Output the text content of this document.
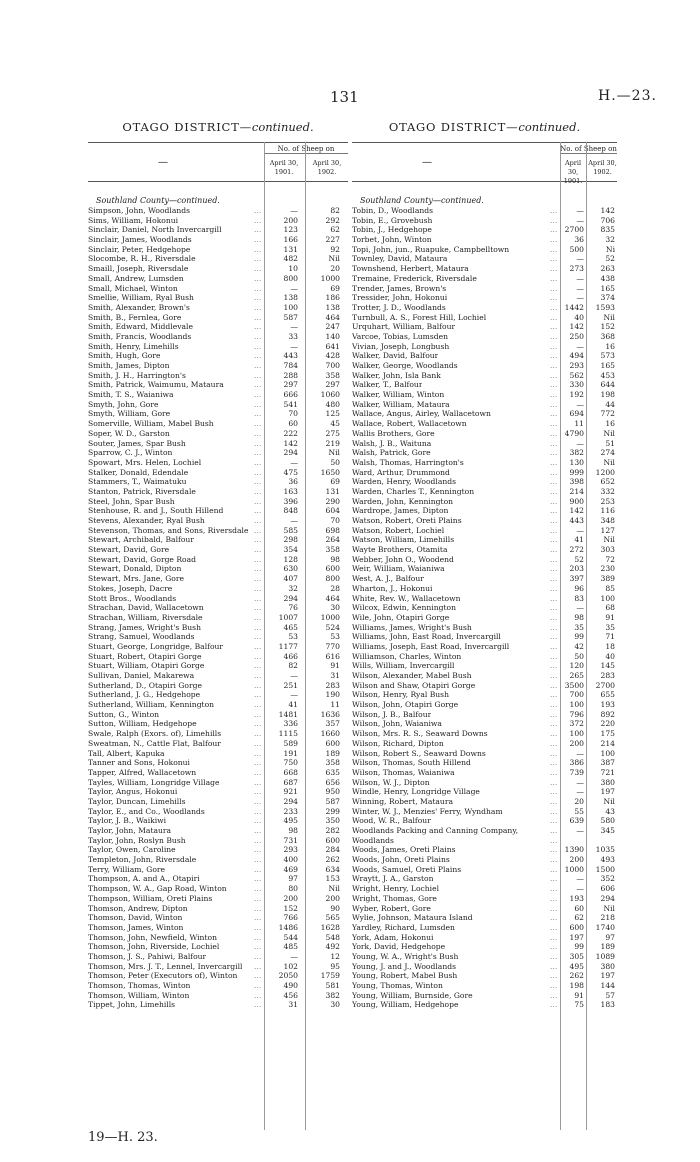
131	H.—23.
OTAGO DISTRICT—continued.
—
No. of Sheep on
April 30, 1901.
April 30, 1902.
Southland County—continued.
Simpson, John, Woodlands	...	—	82
Sims, William, Hokonui	...	200	292
Sinclair, Daniel, North Invercargill	...	123	62
Sinclair, James, Woodlands	...	166	227
Sinclair, Peter, Hedgehope	...	131	92
Slocombe, R. H., Riversdale	...	482	Nil
Smaill, Joseph, Riversdale	...	10	20
Small, Andrew, Lumsden	...	800	1000
Small, Michael, Winton	...	—	69
Smellie, William, Ryal Bush	...	138	186
Smith, Alexander, Brown's	...	100	138
Smith, B., Fernlea, Gore	...	587	464
Smith, Edward, Middlevale	...	—	247
Smith, Francis, Woodlands	...	33	140
Smith, Henry, Limehills	...	—	641
Smith, Hugh, Gore	...	443	428
Smith, James, Dipton	...	784	700
Smith, J. H., Harrington's	...	288	358
Smith, Patrick, Waimumu, Mataura	...	297	297
Smith, T. S., Waianiwa	...	666	1060
Smyth, John, Gore	...	541	480
Smyth, William, Gore	...	70	125
Somerville, William, Mabel Bush	...	60	45
Soper, W. D., Garston	...	222	275
Souter, James, Spar Bush	...	142	219
Sparrow, C. J., Winton	...	294	Nil
Spowart, Mrs. Helen, Lochiel	...	—	50
Stalker, Donald, Edendale	...	475	1650
Stammers, T., Waimatuku	...	36	69
Stanton, Patrick, Riversdale	...	163	131
Steel, John, Spar Bush	...	396	290
Stenhouse, R. and J., South Hillend	...	848	604
Stevens, Alexander, Ryal Bush	...	—	70
Stevenson, Thomas, and Sons, Riversdale ...	585	698
Stewart, Archibald, Balfour	...	298	264
Stewart, David, Gore	...	354	358
Stewart, David, Gorge Road	...	128	98
Stewart, Donald, Dipton	...	630	600
Stewart, Mrs. Jane, Gore	...	407	800
Stokes, Joseph, Dacre	...	32	28
Stott Bros., Woodlands	...	294	464
Strachan, David, Wallacetown	...	76	30
Strachan, William, Riversdale	...	1007	1000
Strang, James, Wright's Bush	...	465	524
Strang, Samuel, Woodlands	...	53	53
Stuart, George, Longridge, Balfour	...	1177	770
Stuart, Robert, Otapiri Gorge	...	466	616
Stuart, William, Otapiri Gorge	...	82	91
Sullivan, Daniel, Makarewa	...	—	31
Sutherland, D., Otapiri Gorge	...	251	283
Sutherland, J. G., Hedgehope	...	—	190
Sutherland, William, Kennington	...	41	11
Sutton, G., Winton	...	1481	1636
Sutton, William, Hedgehope	...	336	357
Swale, Ralph (Exors. of), Limehills	...	1115	1660
Sweatman, N., Cattle Flat, Balfour	...	589	600
Tall, Albert, Kapuka	...	191	189
Tanner and Sons, Hokonui	...	750	358
Tapper, Alfred, Wallacetown	...	668	635
Tayles, William, Longridge Village	...	687	656
Taylor, Angus, Hokonui	...	921	950
Taylor, Duncan, Limehills	...	294	587
Taylor, E., and Co., Woodlands	...	233	299
Taylor, J. B., Waikiwi	...	495	350
Taylor, John, Mataura	...	98	282
Taylor, John, Roslyn Bush	...	731	600
Taylor, Owen, Caroline	...	293	284
Templeton, John, Riversdale	...	400	262
Terry, William, Gore	...	469	634
Thompson, A. and A., Otapiri	...	97	153
Thompson, W. A., Gap Road, Winton	...	80	Nil
Thompson, William, Oreti Plains	...	200	200
Thomson, Andrew, Dipton	...	152	90
Thomson, David, Winton	...	766	565
Thomson, James, Winton	...	1486	1628
Thomson, John, Newfield, Winton	...	544	548
Thomson, John, Riverside, Lochiel	...	485	492
Thomson, J. S., Pahiwi, Balfour	...	—	12
Thomson, Mrs. J. T., Lennel, Invercargill ...	102	95
Thomson, Peter (Executors of), Winton ...	2050	1759
Thomson, Thomas, Winton	...	490	581
Thomson, William, Winton	...	456	382
Tippet, John, Limehills	...	31	30
OTAGO DISTRICT—continued.
—
No. of Sheep on
April 30, 1901.
April 30, 1902.
Southland County—continued.
Tobin, D., Woodlands	...	—	142
Tobin, E., Grovebush	...	—	706
Tobin, J., Hedgehope	... 2700	835
Torbet, John, Winton	...	36	32
Topi, John, jun., Ruapuke, Campbelltown	...	500	Ni
Townley, David, Mataura	...	—	52
Townshend, Herbert, Mataura	...	273	263
Tremaine, Frederick, Riversdale	...	—	438
Trender, James, Brown's	...	—	165
Tressider, John, Hokonui	...	—	374
Trotter, J. D., Woodlands	... 1442	1593
Turnbull, A. S., Forest Hill, Lochiel	...	40	Nil
Urquhart, William, Balfour	...	142	152
Varcoe, Tobias, Lumsden	...	250	368
Vivian, Joseph, Longbush	...	—	16
Walker, David, Balfour	...	494	573
Walker, George, Woodlands	...	293	165
Walker, John, Isla Bank	...	562	453
Walker, T., Balfour	...	330	644
Walker, William, Winton	...	192	198
Walker, William, Mataura	...	—	44
Wallace, Angus, Airley, Wallacetown	...	694	772
Wallace, Robert, Wallacetown	...	11	16
Wallis Brothers, Gore	... 4790	Nil
Walsh, J. B., Waituna	...	—	51
Walsh, Patrick, Gore	...	382	274
Walsh, Thomas, Harrington's	...	130	Nil
Ward, Arthur, Drummond	...	999	1200
Warden, Henry, Woodlands	...	398	652
Warden, Charles T., Kennington	...	214	332
Warden, John, Kennington	...	900	253
Wardrope, James, Dipton	...	142	116
Watson, Robert, Oreti Plains	...	443	348
Watson, Robert, Lochiel	...	—	127
Watson, William, Limehills	...	41	Nil
Wayte Brothers, Otamita	...	272	303
Webber, John O., Woodend	...	52	72
Weir, William, Waianiwa	...	203	230
West, A. J., Balfour	...	397	389
Wharton, J., Hokonui	...	96	85
White, Rev. W., Wallacetown	...	83	100
Wilcox, Edwin, Kennington	...	—	68
Wile, John, Otapiri Gorge	...	98	91
Williams, James, Wright's Bush	...	35	35
Williams, John, East Road, Invercargill	...	99	71
Williams, Joseph, East Road, Invercargill	...	42	18
Williamson, Charles, Winton	...	50	40
Wills, William, Invercargill	...	120	145
Wilson, Alexander, Mabel Bush	...	265	283
Wilson and Shaw, Otapiri Gorge	... 3500	2700
Wilson, Henry, Ryal Bush	...	700	655
Wilson, John, Otapiri Gorge	...	100	193
Wilson, J. B., Balfour	...	796	892
Wilson, John, Waianiwa	...	372	220
Wilson, Mrs. R. S., Seaward Downs	...	100	175
Wilson, Richard, Dipton	...	200	214
Wilson, Robert S., Seaward Downs	...	—	100
Wilson, Thomas, South Hillend	...	386	387
Wilson, Thomas, Waianiwa	...	739	721
Wilson, W. J., Dipton	...	—	380
Windle, Henry, Longridge Village	...	—	197
Winning, Robert, Mataura	...	20	Nil
Winter, W. J., Menzies' Ferry, Wyndham	...	55	43
Wood, W. R., Balfour	...	639	580
Woodlands Packing and Canning Company,	...	—	345
Woodlands	...
Woods, James, Oreti Plains	... 1390	1035
Woods, John, Oreti Plains	...	200	493
Woods, Samuel, Oreti Plains	... 1000	1500
Wraytt, J. A., Garston	...	—	352
Wright, Henry, Lochiel	...	—	606
Wright, Thomas, Gore	...	193	294
Wyber, Robert, Gore	...	60	Nil
Wylie, Johnson, Mataura Island	...	62	218
Yardley, Richard, Lumsden	...	600	1740
York, Adam, Hokonui	...	197	97
York, David, Hedgehope	...	99	189
Young, W. A., Wright's Bush	...	305	1089
Young, J. and J., Woodlands	...	495	380
Young, Robert, Mabel Bush	...	262	197
Young, Thomas, Winton	...	198	144
Young, William, Burnside, Gore	...	91	57
Young, William, Hedgehope	...	75	183
19—H. 23.
